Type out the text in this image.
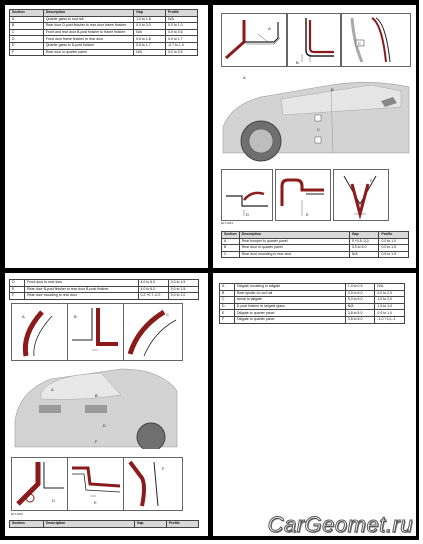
Section	Description	Gap	Profile
A	Quarter glass to roof rail	1.0 to 1.8	N/A
B	Rear door D-post finisher to rear door frame finisher	0.0 to 3.0	0.0 to 1.0
C	Front and rear door B-post finisher to frame finisher	N/A	0.0 to 0.6
D	Front door frame finisher to rear door	0.6 to 1.8	0.0 to 1.7
E	Quarter glass to D-post finisher	0.5 to 1.7	-0.7 to 1.0
F	Rear door to quarter panel	N/A	0.0 to 0.5
A
B
C
A
B
C
D	E
F
E171934
Section	Description	Gap	Profile
A	Rear bumper to quarter panel	0 +0.5,-0.0	0.0 to 1.0
B	Rear door to quarter panel	3.0 to 5.0	0.0 to 1.5
C	Rear door moulding to rear door	N/A	0.5 to 1.5
D	Front door to rear door	4.0 to 6.0	0.0 to 1.5
E	Rear door B-post finisher to rear door B-post finisher	4.0 to 6.0	0.0 to 1.5
F	Rear door moulding to rear door	0.2 +0.7,-0.0	0.0 to 1.0
A	B	C
A
B
D
F
D	E
F
E171935
Section	Description	Gap	Profile
A	Tailgate moulding to tailgate	1.0 to 0.9	N/A
B	Rear spoiler to roof rail	4.0 to 6.0	0.0 to 2.0
C	Aerial to tailgate	5.0 to 6.0	1.0 to 2.0
D	D-post finisher to tailgate glass	N/A	1.0 to 1.0
E	Tailgate to quarter panel	3.8 to 5.0	0.0 to 1.0
F	Tailgate to quarter panel	3.5 to 5.0	-1.0 +1.0,-1
CarGeomet.ru
